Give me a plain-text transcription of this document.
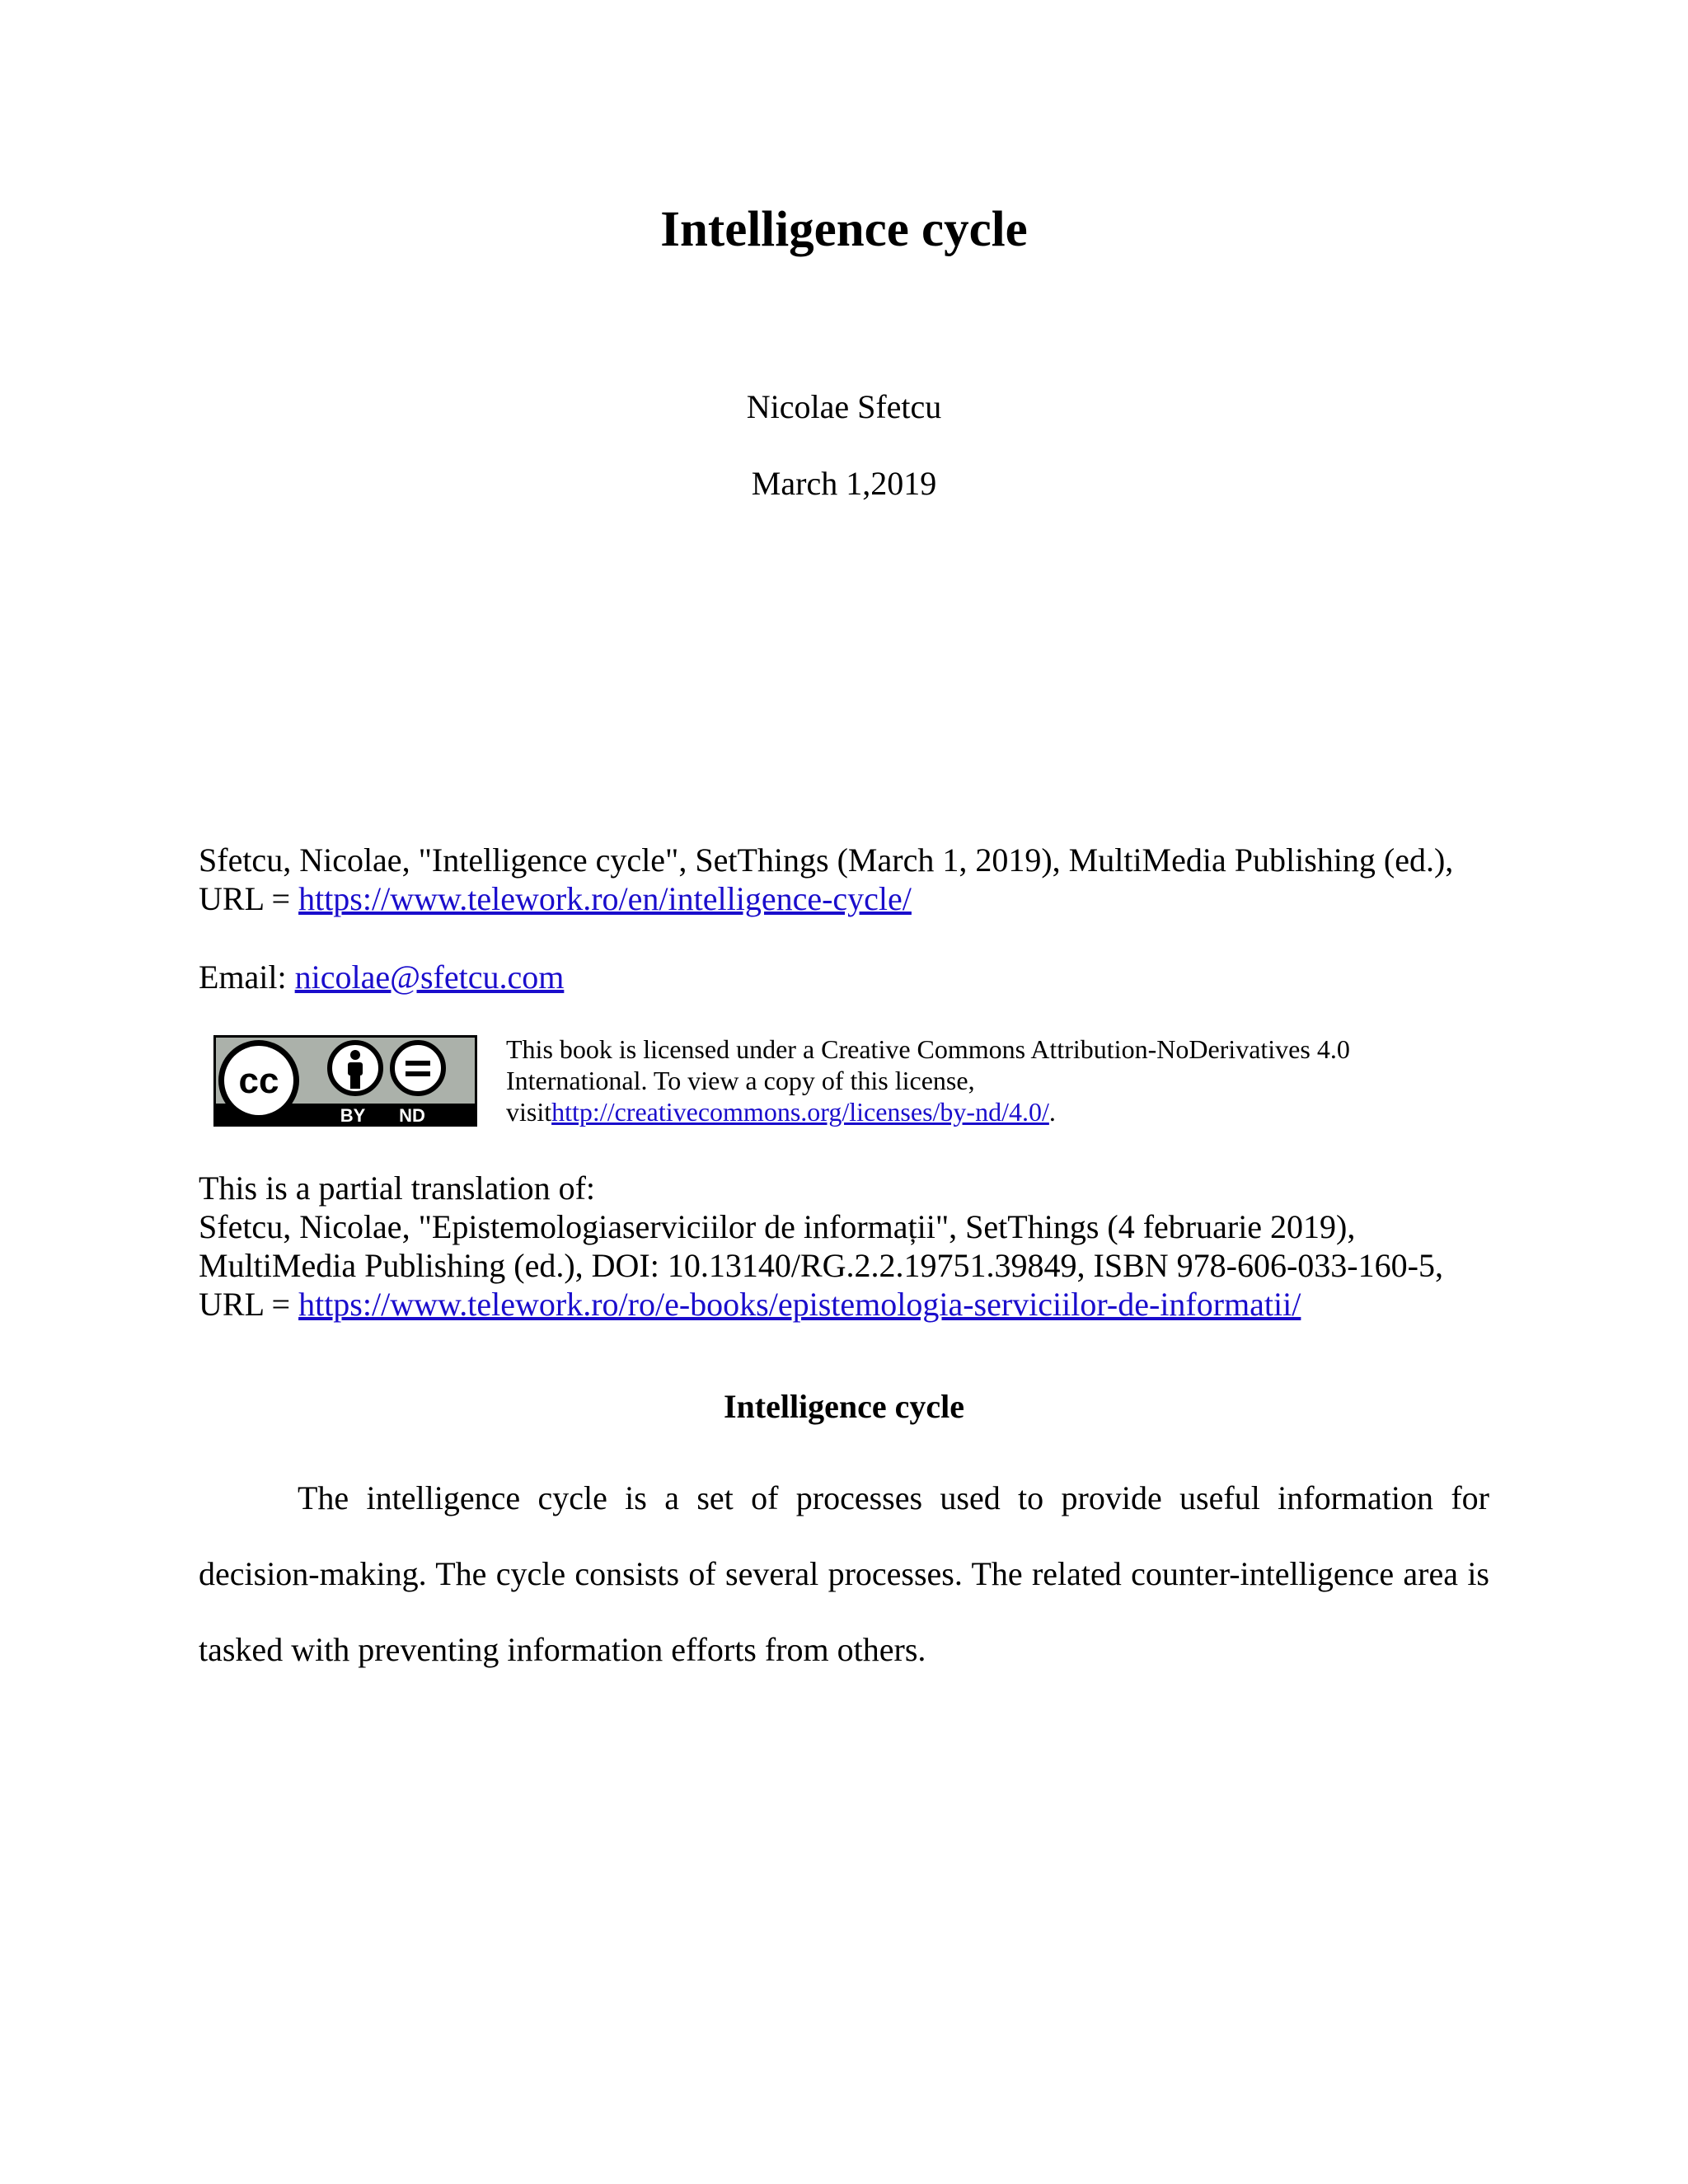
Intelligence cycle
Nicolae Sfetcu
March 1,2019
Sfetcu, Nicolae, "Intelligence cycle", SetThings (March 1, 2019), MultiMedia Publishing (ed.),
URL = https://www.telework.ro/en/intelligence-cycle/
Email: nicolae@sfetcu.com
cc
BY ND
This book is licensed under a Creative Commons Attribution-NoDerivatives 4.0
International. To view a copy of this license,
visithttp://creativecommons.org/licenses/by-nd/4.0/.
This is a partial translation of:
Sfetcu, Nicolae, "Epistemologiaserviciilor de informații", SetThings (4 februarie 2019),
MultiMedia Publishing (ed.), DOI: 10.13140/RG.2.2.19751.39849, ISBN 978-606-033-160-5,
URL = https://www.telework.ro/ro/e-books/epistemologia-serviciilor-de-informatii/
Intelligence cycle
The intelligence cycle is a set of processes used to provide useful information for
decision-making. The cycle consists of several processes. The related counter-intelligence area is
tasked with preventing information efforts from others.
